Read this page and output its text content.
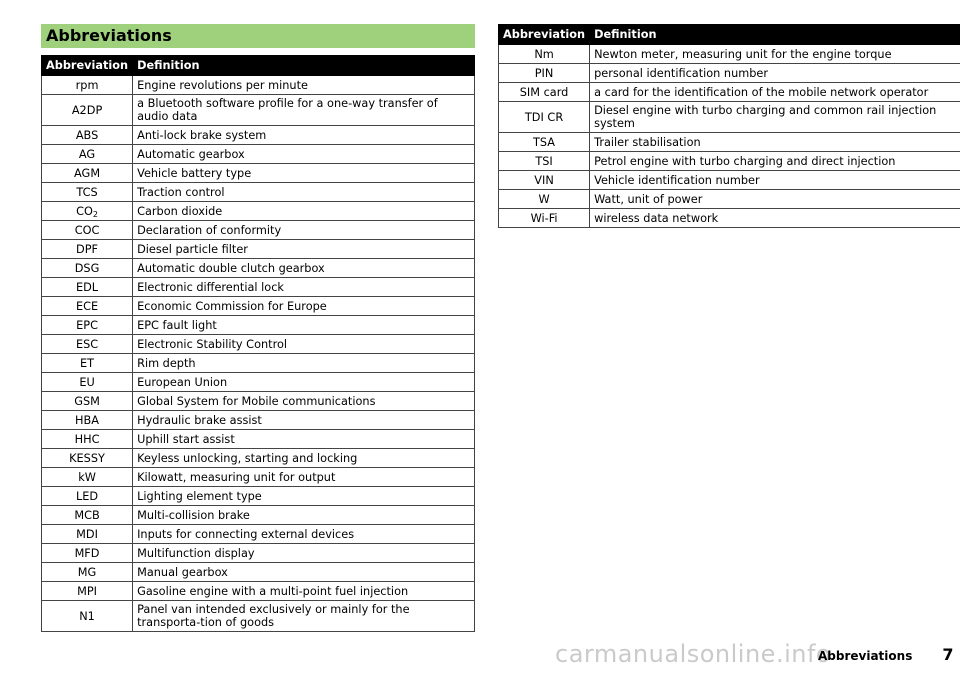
Abbreviations
Abbreviation	Definition
rpm	Engine revolutions per minute
A2DP	a Bluetooth software profile for a one-way transfer of audio data
ABS	Anti-lock brake system
AG	Automatic gearbox
AGM	Vehicle battery type
TCS	Traction control
$CO_2$	Carbon dioxide
COC	Declaration of conformity
DPF	Diesel particle filter
DSG	Automatic double clutch gearbox
EDL	Electronic differential lock
ECE	Economic Commission for Europe
EPC	EPC fault light
ESC	Electronic Stability Control
ET	Rim depth
EU	European Union
GSM	Global System for Mobile communications
HBA	Hydraulic brake assist
HHC	Uphill start assist
KESSY	Keyless unlocking, starting and locking
kW	Kilowatt, measuring unit for output
LED	Lighting element type
MCB	Multi-collision brake
MDI	Inputs for connecting external devices
MFD	Multifunction display
MG	Manual gearbox
MPI	Gasoline engine with a multi-point fuel injection
N1	Panel van intended exclusively or mainly for the transporta-tion of goods
Abbreviation	Definition
Nm	Newton meter, measuring unit for the engine torque
PIN	personal identification number
SIM card	a card for the identification of the mobile network operator
TDI CR	Diesel engine with turbo charging and common rail injection system
TSA	Trailer stabilisation
TSI	Petrol engine with turbo charging and direct injection
VIN	Vehicle identification number
W	Watt, unit of power
Wi-Fi	wireless data network
carmanualsonline.info
Abbreviations 7
